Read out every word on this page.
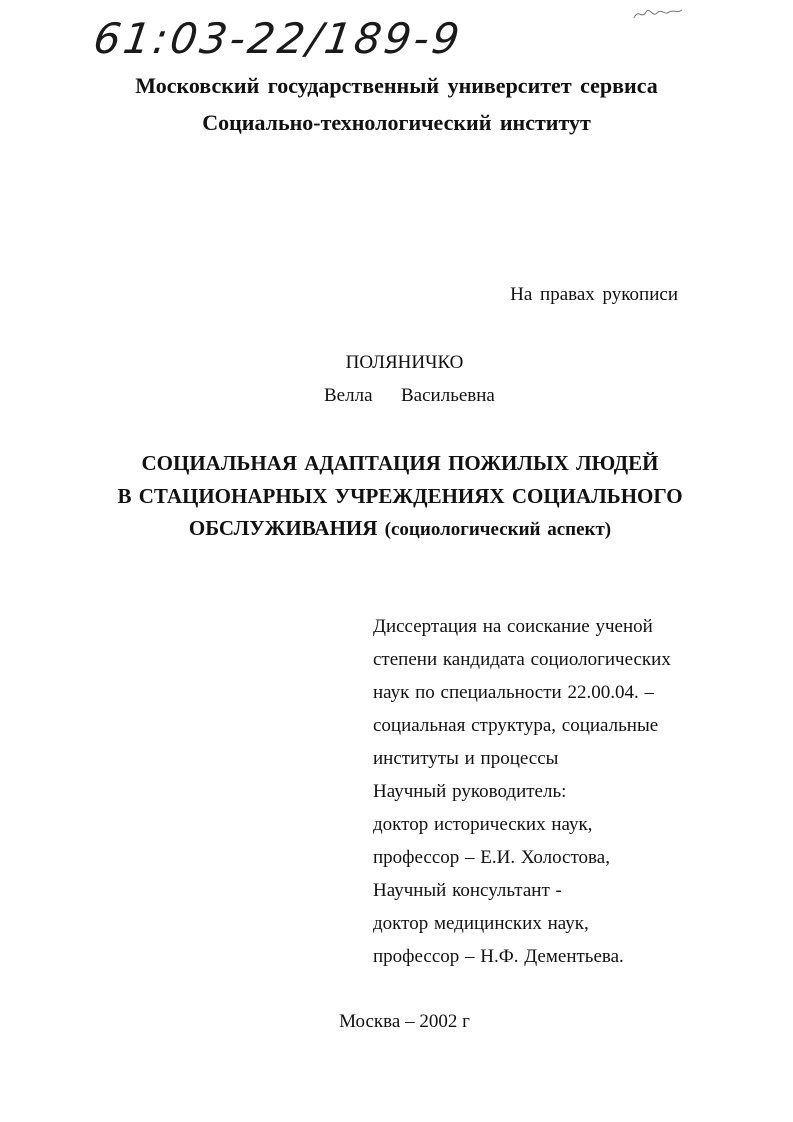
61:03-22/189-9
Московский государственный университет сервиса
Социально-технологический институт
На правах рукописи
ПОЛЯНИЧКО
Велла Васильевна
СОЦИАЛЬНАЯ АДАПТАЦИЯ ПОЖИЛЫХ ЛЮДЕЙ
В СТАЦИОНАРНЫХ УЧРЕЖДЕНИЯХ СОЦИАЛЬНОГО
ОБСЛУЖИВАНИЯ (социологический аспект)
Диссертация на соискание ученой
степени кандидата социологических
наук по специальности 22.00.04. –
социальная структура, социальные
институты и процессы
Научный руководитель:
доктор исторических наук,
профессор – Е.И. Холостова,
Научный консультант -
доктор медицинских наук,
профессор – Н.Ф. Дементьева.
Москва – 2002 г
